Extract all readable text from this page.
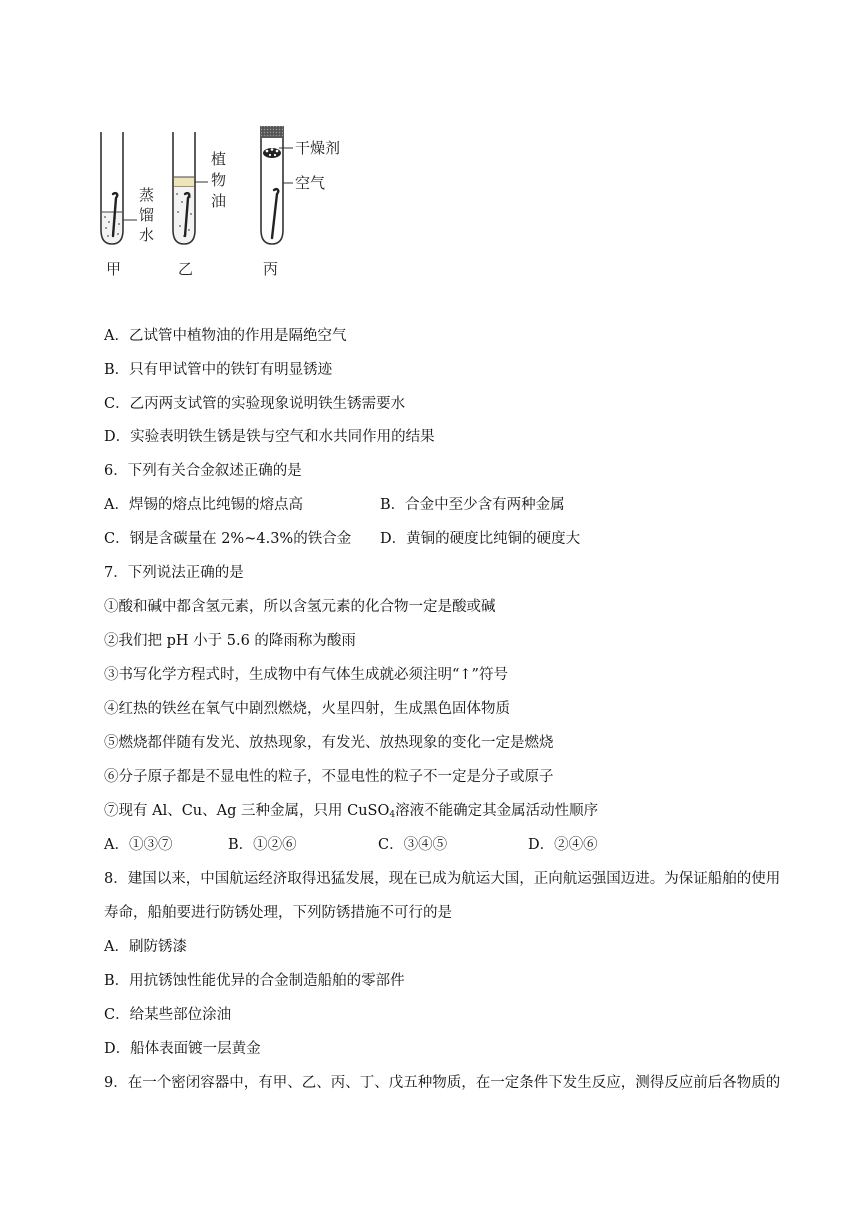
蒸
馏
水
甲
植
物
油
乙
干燥剂
空气
丙
A．乙试管中植物油的作用是隔绝空气
B．只有甲试管中的铁钉有明显锈迹
C．乙丙两支试管的实验现象说明铁生锈需要水
D．实验表明铁生锈是铁与空气和水共同作用的结果
6．下列有关合金叙述正确的是
A．焊锡的熔点比纯锡的熔点高	B．合金中至少含有两种金属
C．钢是含碳量在 2%~4.3%的铁合金 D．黄铜的硬度比纯铜的硬度大
7．下列说法正确的是
①酸和碱中都含氢元素，所以含氢元素的化合物一定是酸或碱
②我们把 pH 小于 5.6 的降雨称为酸雨
③书写化学方程式时，生成物中有气体生成就必须注明“↑”符号
④红热的铁丝在氧气中剧烈燃烧，火星四射，生成黑色固体物质
⑤燃烧都伴随有发光、放热现象，有发光、放热现象的变化一定是燃烧
⑥分子原子都是不显电性的粒子，不显电性的粒子不一定是分子或原子
⑦现有 Al、Cu、Ag 三种金属，只用 CuSO$_4$溶液不能确定其金属活动性顺序
A．①③⑦	B．①②⑥	C．③④⑤	D．②④⑥
8．建国以来，中国航运经济取得迅猛发展，现在已成为航运大国，正向航运强国迈进。为保证船舶的使用
寿命，船舶要进行防锈处理，下列防锈措施不可行的是
A．刷防锈漆
B．用抗锈蚀性能优异的合金制造船舶的零部件
C．给某些部位涂油
D．船体表面镀一层黄金
9．在一个密闭容器中，有甲、乙、丙、丁、戊五种物质，在一定条件下发生反应，测得反应前后各物质的
